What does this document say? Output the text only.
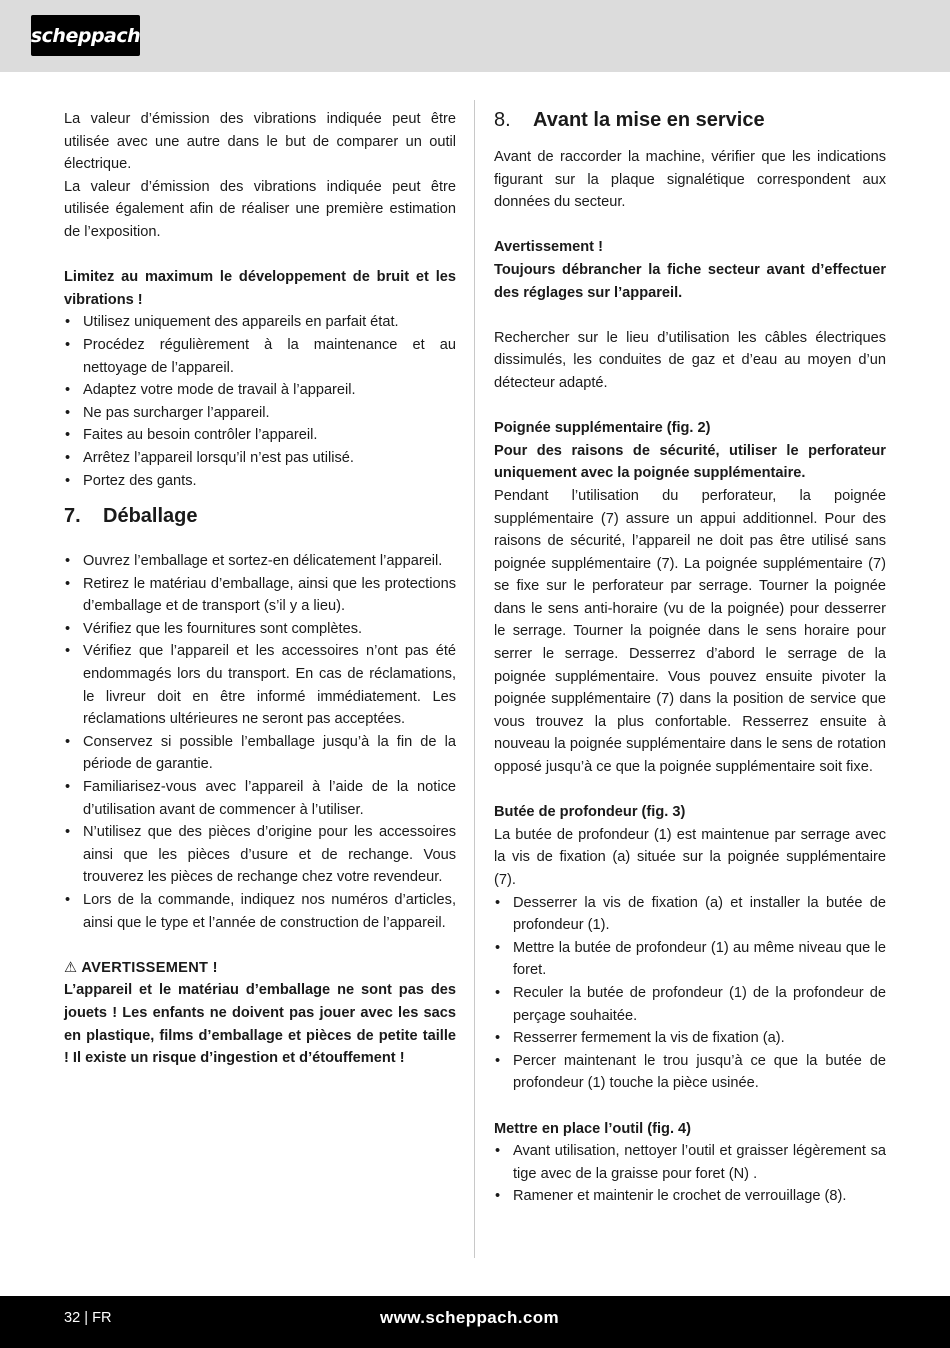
scheppach

La valeur d’émission des vibrations indiquée peut être utilisée avec une autre dans le but de comparer un outil électrique.

La valeur d’émission des vibrations indiquée peut être utilisée également afin de réaliser une première estimation de l’exposition.

Limitez au maximum le développement de bruit et les vibrations !

• Utilisez uniquement des appareils en parfait état.
• Procédez régulièrement à la maintenance et au nettoyage de l’appareil.
• Adaptez votre mode de travail à l’appareil.
• Ne pas surcharger l’appareil.
• Faites au besoin contrôler l’appareil.
• Arrêtez l’appareil lorsqu’il n’est pas utilisé.
• Portez des gants.
7.	Déballage
• Ouvrez l’emballage et sortez-en délicatement l’appareil.
• Retirez le matériau d’emballage, ainsi que les protections d’emballage et de transport (s’il y a lieu).
• Vérifiez que les fournitures sont complètes.
• Vérifiez que l’appareil et les accessoires n’ont pas été endommagés lors du transport. En cas de réclamations, le livreur doit en être informé immédiatement. Les réclamations ultérieures ne seront pas acceptées.
• Conservez si possible l’emballage jusqu’à la fin de la période de garantie.
• Familiarisez-vous avec l’appareil à l’aide de la notice d’utilisation avant de commencer à l’utiliser.
• N’utilisez que des pièces d’origine pour les accessoires ainsi que les pièces d’usure et de rechange. Vous trouverez les pièces de rechange chez votre revendeur.
• Lors de la commande, indiquez nos numéros d’articles, ainsi que le type et l’année de construction de l’appareil.

⚠ AVERTISSEMENT !

L’appareil et le matériau d’emballage ne sont pas des jouets ! Les enfants ne doivent pas jouer avec les sacs en plastique, films d’emballage et pièces de petite taille ! Il existe un risque d’ingestion et d’étouffement !

8.	Avant la mise en service

Avant de raccorder la machine, vérifier que les indications figurant sur la plaque signalétique correspondent aux données du secteur.

Avertissement !

Toujours débrancher la fiche secteur avant d’effectuer des réglages sur l’appareil.

Rechercher sur le lieu d’utilisation les câbles électriques dissimulés, les conduites de gaz et d’eau au moyen d’un détecteur adapté.

Poignée supplémentaire (fig. 2)

Pour des raisons de sécurité, utiliser le perforateur uniquement avec la poignée supplémentaire.

Pendant l’utilisation du perforateur, la poignée supplémentaire (7) assure un appui additionnel. Pour des raisons de sécurité, l’appareil ne doit pas être utilisé sans poignée supplémentaire (7). La poignée supplémentaire (7) se fixe sur le perforateur par serrage. Tourner la poignée dans le sens anti-horaire (vu de la poignée) pour desserrer le serrage. Tourner la poignée dans le sens horaire pour serrer le serrage. Desserrez d’abord le serrage de la poignée supplémentaire. Vous pouvez ensuite pivoter la poignée supplémentaire (7) dans la position de service que vous trouvez la plus confortable. Resserrez ensuite à nouveau la poignée supplémentaire dans le sens de rotation opposé jusqu’à ce que la poignée supplémentaire soit fixe.

Butée de profondeur (fig. 3)

La butée de profondeur (1) est maintenue par serrage avec la vis de fixation (a) située sur la poignée supplémentaire (7).

• Desserrer la vis de fixation (a) et installer la butée de profondeur (1).
• Mettre la butée de profondeur (1) au même niveau que le foret.
• Reculer la butée de profondeur (1) de la profondeur de perçage souhaitée.
• Resserrer fermement la vis de fixation (a).
• Percer maintenant le trou jusqu’à ce que la butée de profondeur (1) touche la pièce usinée.

Mettre en place l’outil (fig. 4)

• Avant utilisation, nettoyer l’outil et graisser légèrement sa tige avec de la graisse pour foret (N) .
• Ramener et maintenir le crochet de verrouillage (8).
32 | FR	www.scheppach.com
